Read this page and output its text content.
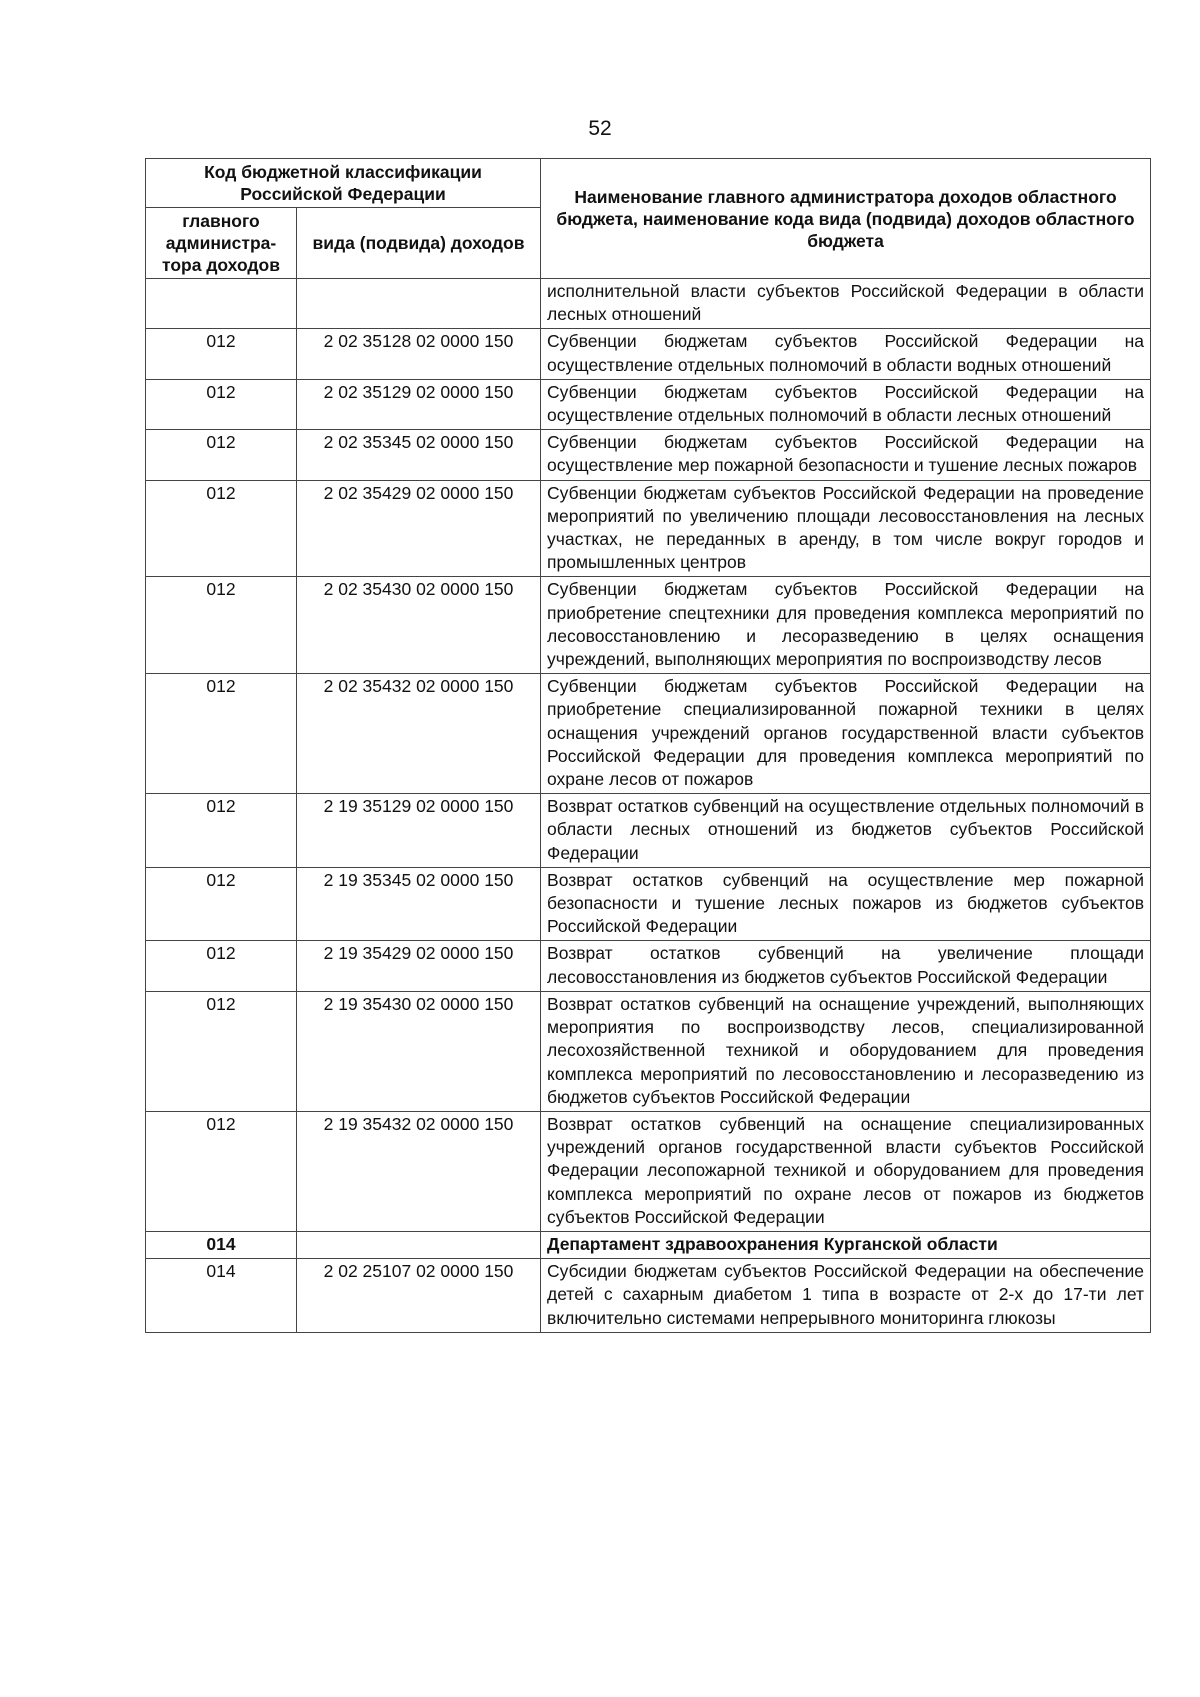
52
Код бюджетной классификации Российской Федерации		Наименование главного администратора доходов областного бюджета, наименование кода вида (подвида) доходов областного бюджета
главного администра-тора доходов	вида (подвида) доходов	
		исполнительной власти субъектов Российской Федерации в области лесных отношений
012	2 02 35128 02 0000 150	Субвенции бюджетам субъектов Российской Федерации на осуществление отдельных полномочий в области водных отношений
012	2 02 35129 02 0000 150	Субвенции бюджетам субъектов Российской Федерации на осуществление отдельных полномочий в области лесных отношений
012	2 02 35345 02 0000 150	Субвенции бюджетам субъектов Российской Федерации на осуществление мер пожарной безопасности и тушение лесных пожаров
012	2 02 35429 02 0000 150	Субвенции бюджетам субъектов Российской Федерации на проведение мероприятий по увеличению площади лесовосстановления на лесных участках, не переданных в аренду, в том числе вокруг городов и промышленных центров
012	2 02 35430 02 0000 150	Субвенции бюджетам субъектов Российской Федерации на приобретение спецтехники для проведения комплекса мероприятий по лесовосстановлению и лесоразведению в целях оснащения учреждений, выполняющих мероприятия по воспроизводству лесов
012	2 02 35432 02 0000 150	Субвенции бюджетам субъектов Российской Федерации на приобретение специализированной пожарной техники в целях оснащения учреждений органов государственной власти субъектов Российской Федерации для проведения комплекса мероприятий по охране лесов от пожаров
012	2 19 35129 02 0000 150	Возврат остатков субвенций на осуществление отдельных полномочий в области лесных отношений из бюджетов субъектов Российской Федерации
012	2 19 35345 02 0000 150	Возврат остатков субвенций на осуществление мер пожарной безопасности и тушение лесных пожаров из бюджетов субъектов Российской Федерации
012	2 19 35429 02 0000 150	Возврат остатков субвенций на увеличение площади лесовосстановления из бюджетов субъектов Российской Федерации
012	2 19 35430 02 0000 150	Возврат остатков субвенций на оснащение учреждений, выполняющих мероприятия по воспроизводству лесов, специализированной лесохозяйственной техникой и оборудованием для проведения комплекса мероприятий по лесовосстановлению и лесоразведению из бюджетов субъектов Российской Федерации
012	2 19 35432 02 0000 150	Возврат остатков субвенций на оснащение специализированных учреждений органов государственной власти субъектов Российской Федерации лесопожарной техникой и оборудованием для проведения комплекса мероприятий по охране лесов от пожаров из бюджетов субъектов Российской Федерации
014		Департамент здравоохранения Курганской области
014	2 02 25107 02 0000 150	Субсидии бюджетам субъектов Российской Федерации на обеспечение детей с сахарным диабетом 1 типа в возрасте от 2-х до 17-ти лет включительно системами непрерывного мониторинга глюкозы
